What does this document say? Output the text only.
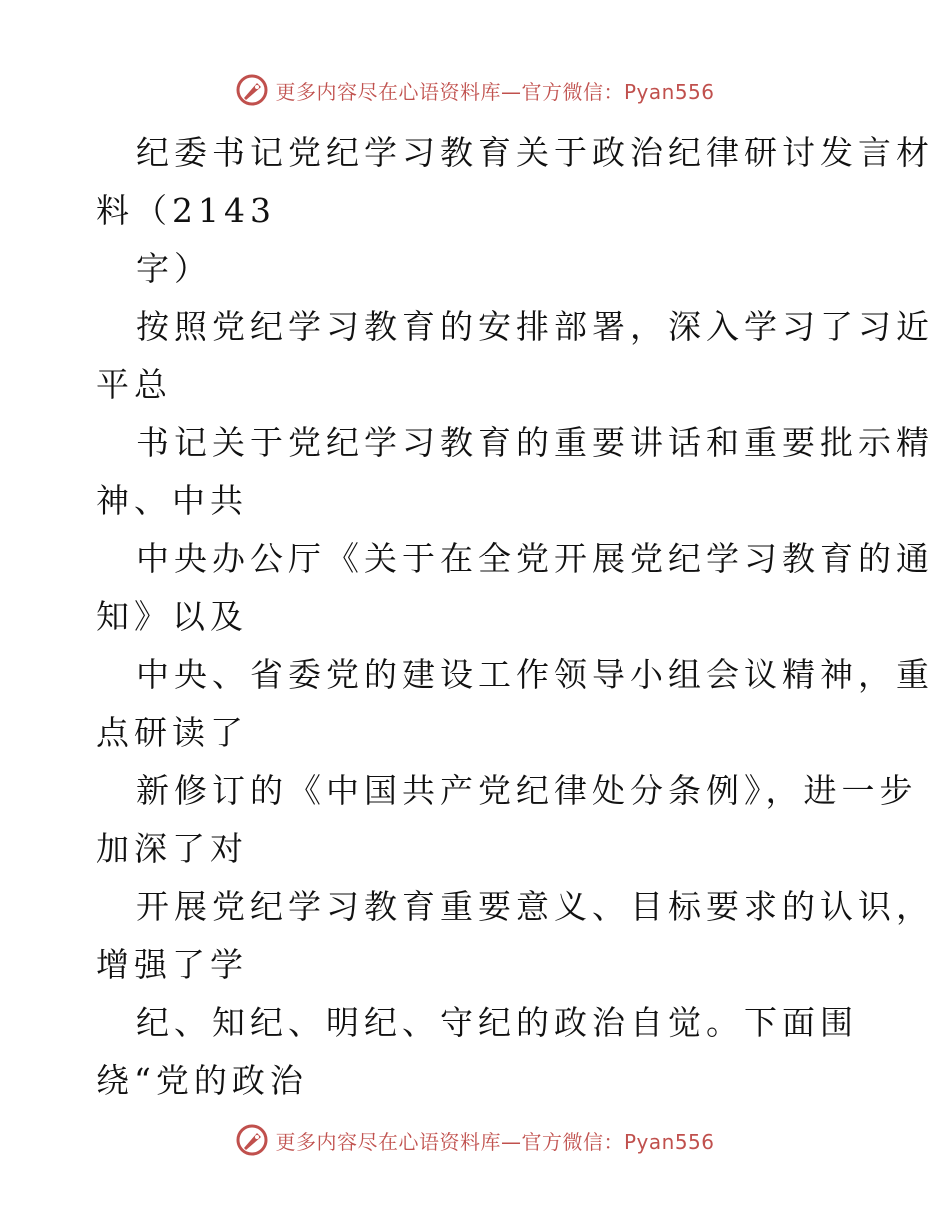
更多内容尽在心语资料库—官方微信：Pyan556

纪委书记党纪学习教育关于政治纪律研讨发言材

料（2143

字）

按照党纪学习教育的安排部署，深入学习了习近

平总

书记关于党纪学习教育的重要讲话和重要批示精

神、中共

中央办公厅《关于在全党开展党纪学习教育的通

知》以及

中央、省委党的建设工作领导小组会议精神，重

点研读了

新修订的《中国共产党纪律处分条例》，进一步

加深了对

开展党纪学习教育重要意义、目标要求的认识，

增强了学

纪、知纪、明纪、守纪的政治自觉。下面围

绕“党的政治

更多内容尽在心语资料库—官方微信：Pyan556
